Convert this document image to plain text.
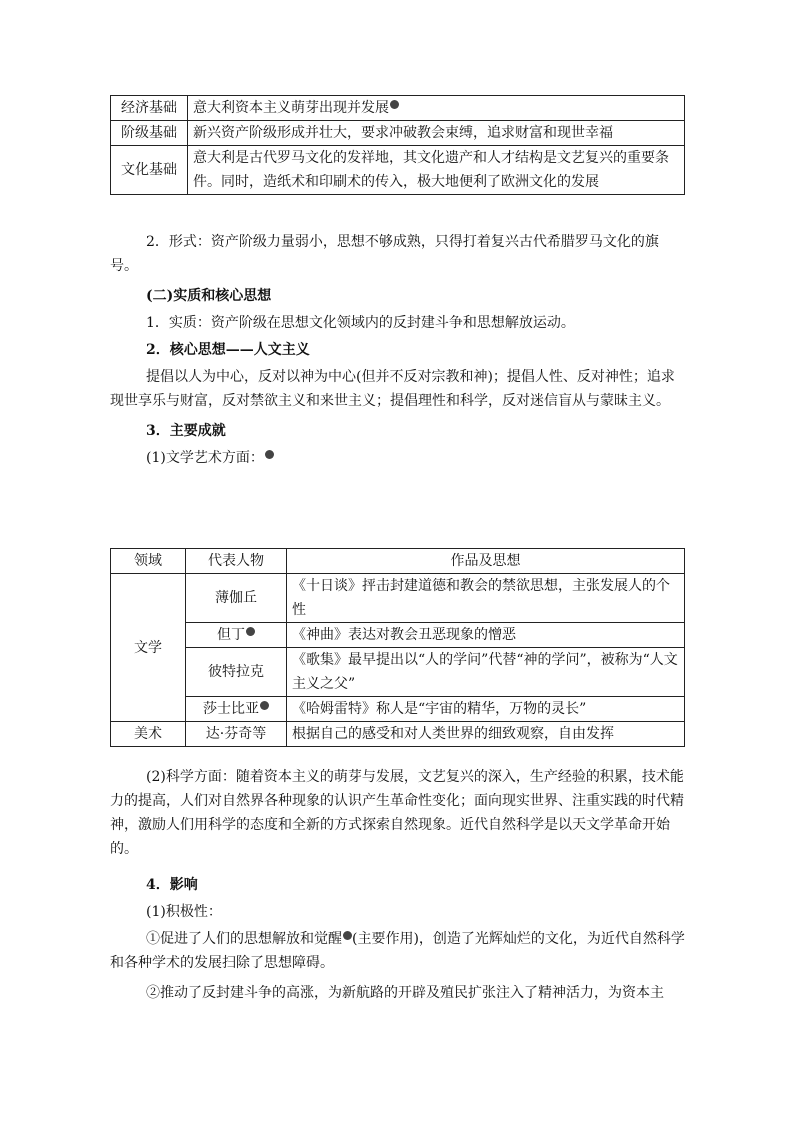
经济基础	意大利资本主义萌芽出现并发展
阶级基础	新兴资产阶级形成并壮大，要求冲破教会束缚，追求财富和现世幸福
文化基础	意大利是古代罗马文化的发祥地，其文化遗产和人才结构是文艺复兴的重要条件。同时，造纸术和印刷术的传入，极大地便利了欧洲文化的发展
2．形式：资产阶级力量弱小，思想不够成熟，只得打着复兴古代希腊罗马文化的旗号。
(二)实质和核心思想
1．实质：资产阶级在思想文化领域内的反封建斗争和思想解放运动。
2．核心思想——人文主义
提倡以人为中心，反对以神为中心(但并不反对宗教和神)；提倡人性、反对神性；追求现世享乐与财富，反对禁欲主义和来世主义；提倡理性和科学，反对迷信盲从与蒙昧主义。
3．主要成就
(1)文学艺术方面：
领域	代表人物	作品及思想
文学	薄伽丘	《十日谈》抨击封建道德和教会的禁欲思想，主张发展人的个性
	但丁	《神曲》表达对教会丑恶现象的憎恶
	彼特拉克	《歌集》最早提出以“人的学问”代替“神的学问”，被称为“人文主义之父”
	莎士比亚	《哈姆雷特》称人是“宇宙的精华，万物的灵长”
美术	达·芬奇等	根据自己的感受和对人类世界的细致观察，自由发挥
(2)科学方面：随着资本主义的萌芽与发展，文艺复兴的深入，生产经验的积累，技术能力的提高，人们对自然界各种现象的认识产生革命性变化；面向现实世界、注重实践的时代精神，激励人们用科学的态度和全新的方式探索自然现象。近代自然科学是以天文学革命开始的。
4．影响
(1)积极性：
①促进了人们的思想解放和觉醒 (主要作用)，创造了光辉灿烂的文化，为近代自然科学和各种学术的发展扫除了思想障碍。
②推动了反封建斗争的高涨，为新航路的开辟及殖民扩张注入了精神活力，为资本主
